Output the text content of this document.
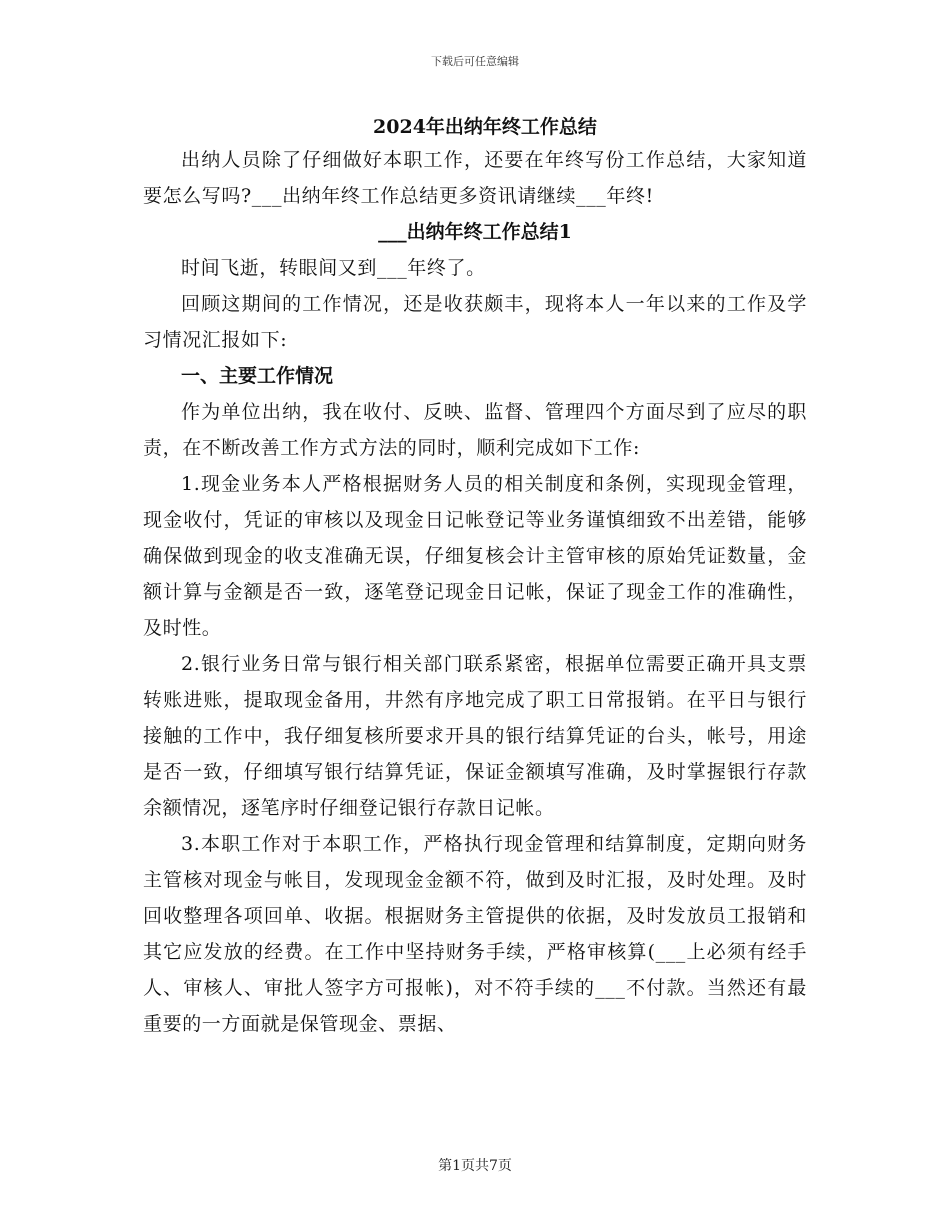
下载后可任意编辑

2024年出纳年终工作总结

出纳人员除了仔细做好本职工作，还要在年终写份工作总结，大家知道要怎么写吗?___出纳年终工作总结更多资讯请继续___年终!

___出纳年终工作总结1

时间飞逝，转眼间又到___年终了。

回顾这期间的工作情况，还是收获颇丰，现将本人一年以来的工作及学习情况汇报如下:

一、主要工作情况

作为单位出纳，我在收付、反映、监督、管理四个方面尽到了应尽的职责，在不断改善工作方式方法的同时，顺利完成如下工作:

1.现金业务本人严格根据财务人员的相关制度和条例，实现现金管理，现金收付，凭证的审核以及现金日记帐登记等业务谨慎细致不出差错，能够确保做到现金的收支准确无误，仔细复核会计主管审核的原始凭证数量，金额计算与金额是否一致，逐笔登记现金日记帐，保证了现金工作的准确性，及时性。

2.银行业务日常与银行相关部门联系紧密，根据单位需要正确开具支票转账进账，提取现金备用，井然有序地完成了职工日常报销。在平日与银行接触的工作中，我仔细复核所要求开具的银行结算凭证的台头，帐号，用途是否一致，仔细填写银行结算凭证，保证金额填写准确，及时掌握银行存款余额情况，逐笔序时仔细登记银行存款日记帐。

3.本职工作对于本职工作，严格执行现金管理和结算制度，定期向财务主管核对现金与帐目，发现现金金额不符，做到及时汇报，及时处理。及时回收整理各项回单、收据。根据财务主管提供的依据，及时发放员工报销和其它应发放的经费。在工作中坚持财务手续，严格审核算(___上必须有经手人、审核人、审批人签字方可报帐)，对不符手续的___不付款。当然还有最重要的一方面就是保管现金、票据、

第1页共7页
